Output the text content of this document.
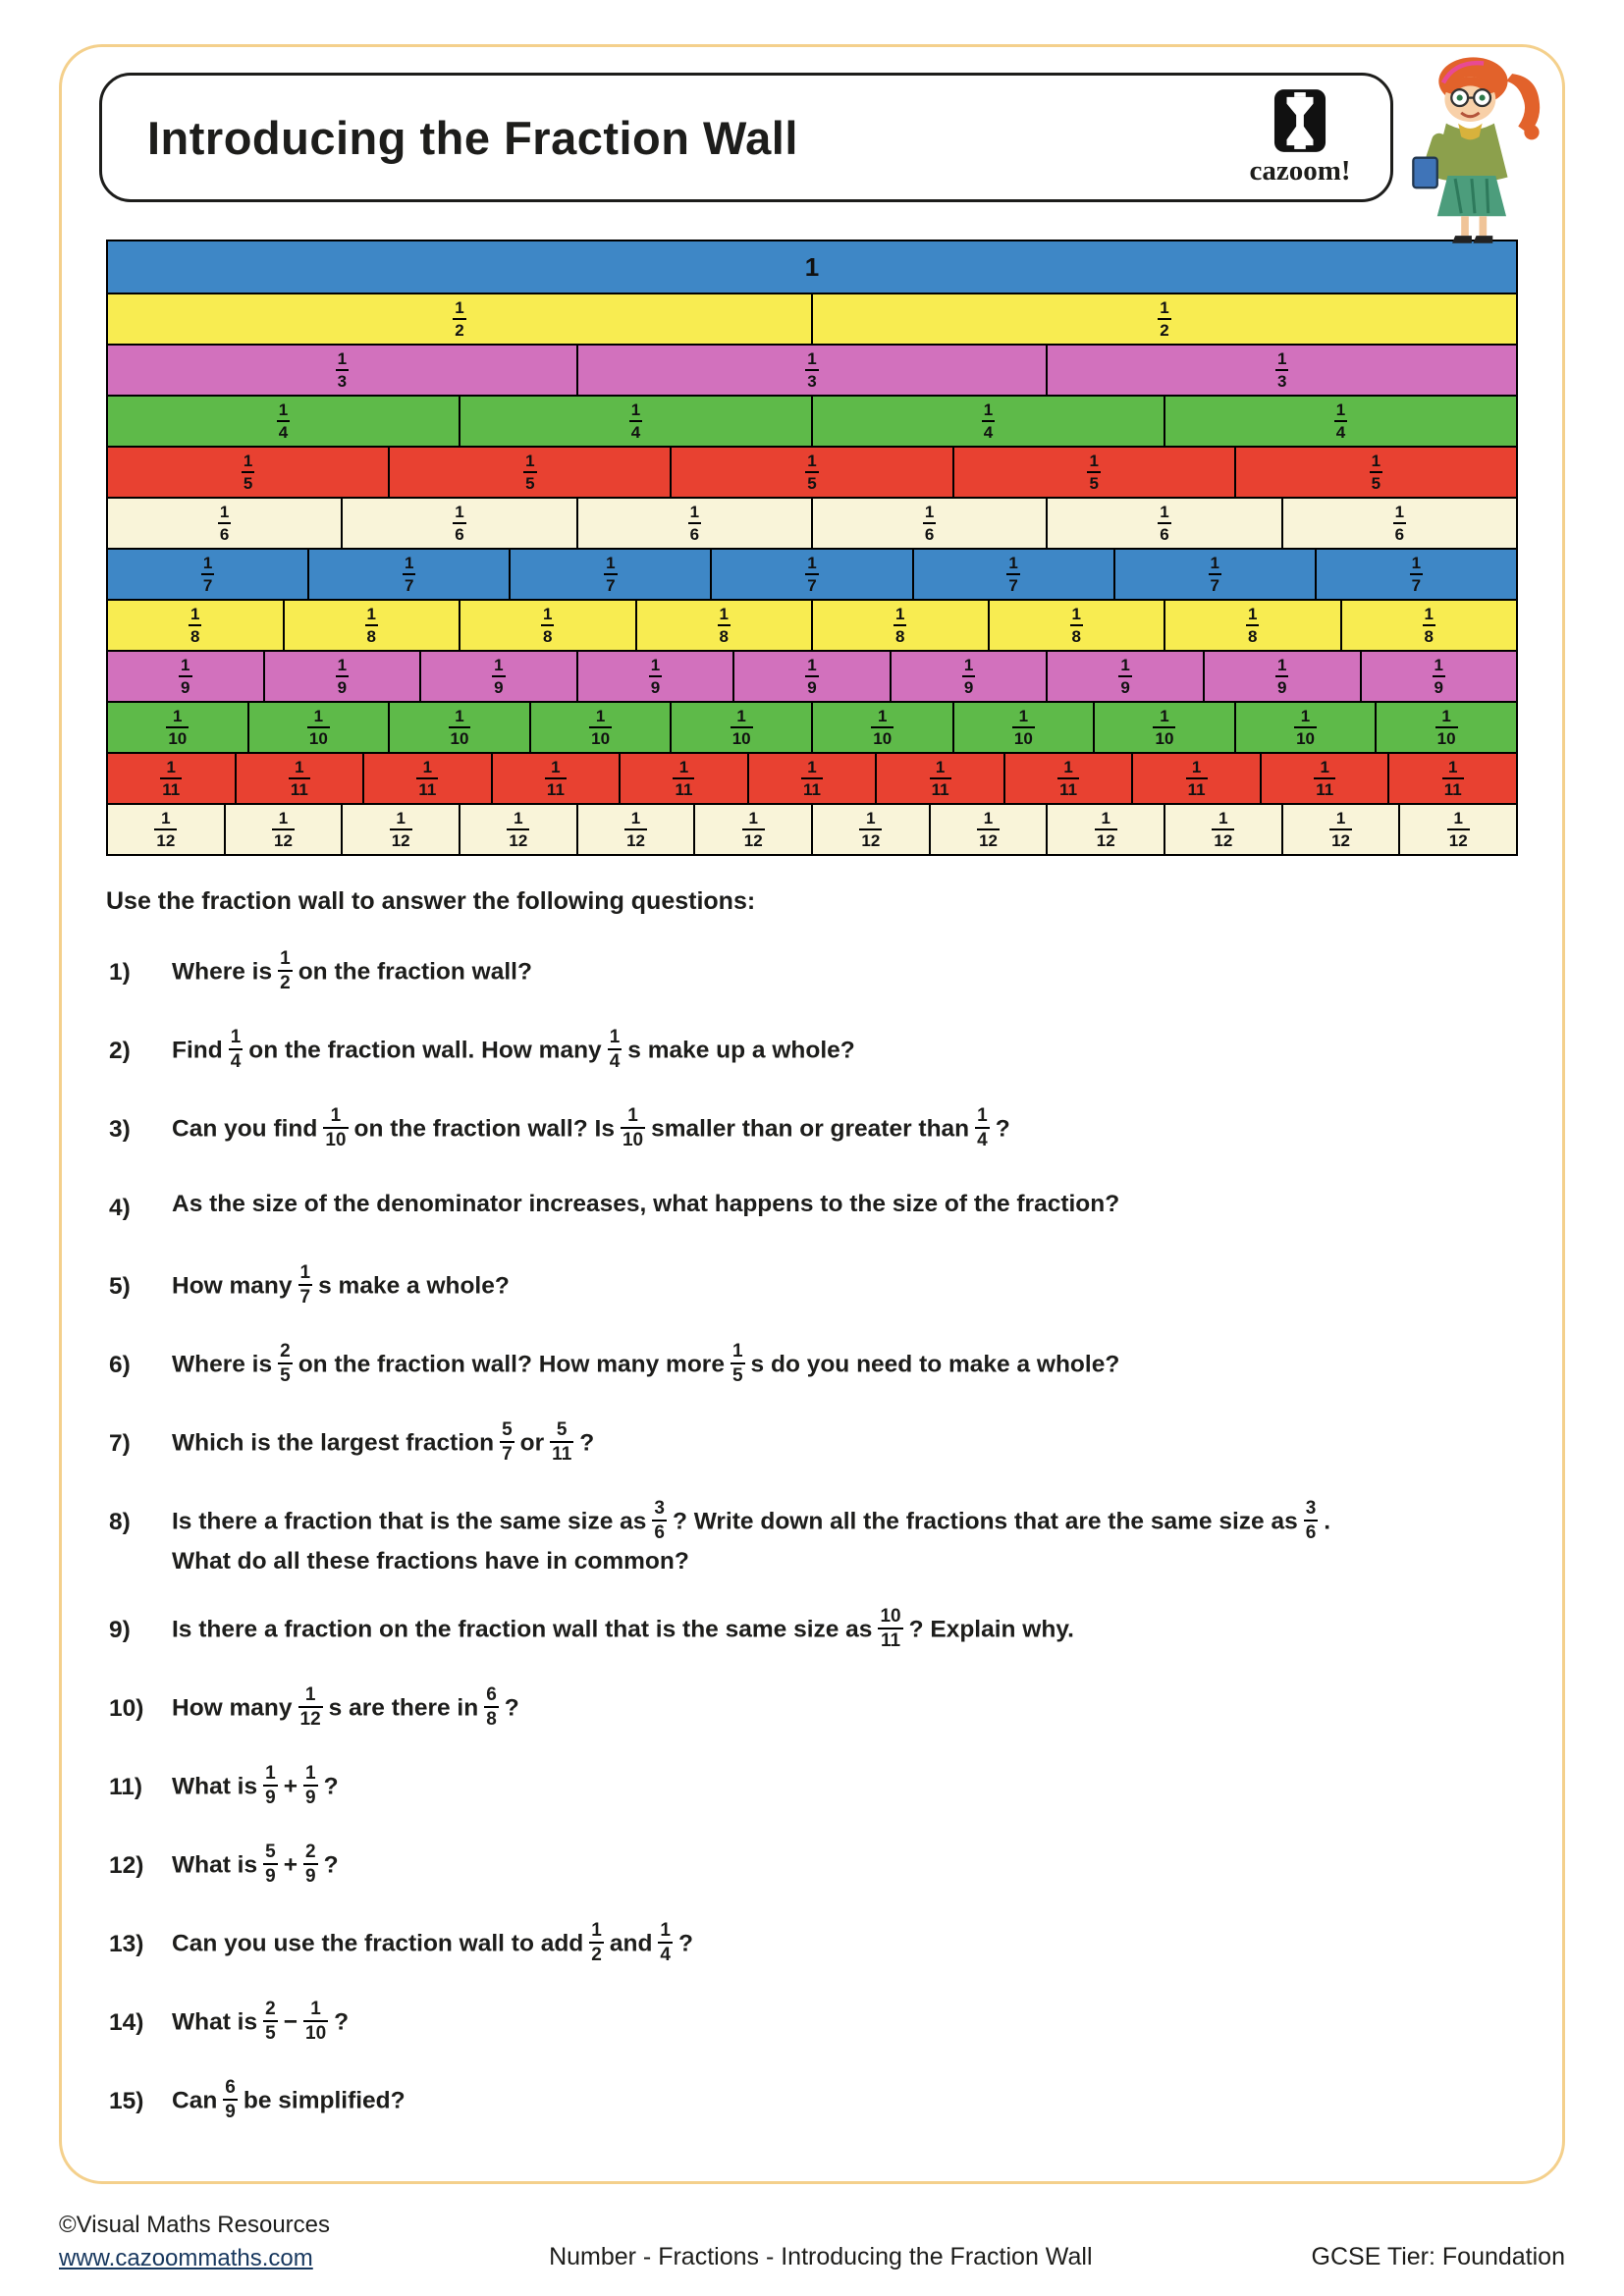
Introducing the Fraction Wall
cazoom!
1
$\frac{1}{2}$	$\frac{1}{2}$
$\frac{1}{3}$	$\frac{1}{3}$	$\frac{1}{3}$
$\frac{1}{4}$	$\frac{1}{4}$	$\frac{1}{4}$	$\frac{1}{4}$
$\frac{1}{5}$	$\frac{1}{5}$	$\frac{1}{5}$	$\frac{1}{5}$	$\frac{1}{5}$
$\frac{1}{6}$	$\frac{1}{6}$	$\frac{1}{6}$	$\frac{1}{6}$	$\frac{1}{6}$	$\frac{1}{6}$
$\frac{1}{7}$	$\frac{1}{7}$	$\frac{1}{7}$	$\frac{1}{7}$	$\frac{1}{7}$	$\frac{1}{7}$	$\frac{1}{7}$
$\frac{1}{8}$	$\frac{1}{8}$	$\frac{1}{8}$	$\frac{1}{8}$	$\frac{1}{8}$	$\frac{1}{8}$	$\frac{1}{8}$	$\frac{1}{8}$
$\frac{1}{9}$	$\frac{1}{9}$	$\frac{1}{9}$	$\frac{1}{9}$	$\frac{1}{9}$	$\frac{1}{9}$	$\frac{1}{9}$	$\frac{1}{9}$	$\frac{1}{9}$
$\frac{1}{10}$	$\frac{1}{10}$	$\frac{1}{10}$	$\frac{1}{10}$	$\frac{1}{10}$	$\frac{1}{10}$	$\frac{1}{10}$	$\frac{1}{10}$	$\frac{1}{10}$	$\frac{1}{10}$
$\frac{1}{11}$	$\frac{1}{11}$	$\frac{1}{11}$	$\frac{1}{11}$	$\frac{1}{11}$	$\frac{1}{11}$	$\frac{1}{11}$	$\frac{1}{11}$	$\frac{1}{11}$	$\frac{1}{11}$	$\frac{1}{11}$
$\frac{1}{12}$	$\frac{1}{12}$	$\frac{1}{12}$	$\frac{1}{12}$	$\frac{1}{12}$	$\frac{1}{12}$	$\frac{1}{12}$	$\frac{1}{12}$	$\frac{1}{12}$	$\frac{1}{12}$	$\frac{1}{12}$	$\frac{1}{12}$
Use the fraction wall to answer the following questions:
1)	Where is $\frac{1}{2}$ on the fraction wall?
2)	Find $\frac{1}{4}$ on the fraction wall. How many $\frac{1}{4}$ s make up a whole?
3)	Can you find $\frac{1}{10}$ on the fraction wall? Is $\frac{1}{10}$ smaller than or greater than $\frac{1}{4}$ ?
4)	As the size of the denominator increases, what happens to the size of the fraction?
5)	How many $\frac{1}{7}$ s make a whole?
6)	Where is $\frac{2}{5}$ on the fraction wall? How many more $\frac{1}{5}$ s do you need to make a whole?
7)	Which is the largest fraction $\frac{5}{7}$ or $\frac{5}{11}$ ?
8)	Is there a fraction that is the same size as $\frac{3}{6}$ ? Write down all the fractions that are the same size as $\frac{3}{6}$ .
What do all these fractions have in common?
9)	Is there a fraction on the fraction wall that is the same size as $\frac{10}{11}$ ? Explain why.
10)	How many $\frac{1}{12}$ s are there in $\frac{6}{8}$ ?
11)	What is $\frac{1}{9} + \frac{1}{9}$ ?
12)	What is $\frac{5}{9} + \frac{2}{9}$ ?
13)	Can you use the fraction wall to add $\frac{1}{2}$ and $\frac{1}{4}$ ?
14)	What is $\frac{2}{5} - \frac{1}{10}$ ?
15)	Can $\frac{6}{9}$ be simplified?
©Visual Maths Resources
www.cazoommaths.com	Number - Fractions - Introducing the Fraction Wall	GCSE Tier: Foundation
